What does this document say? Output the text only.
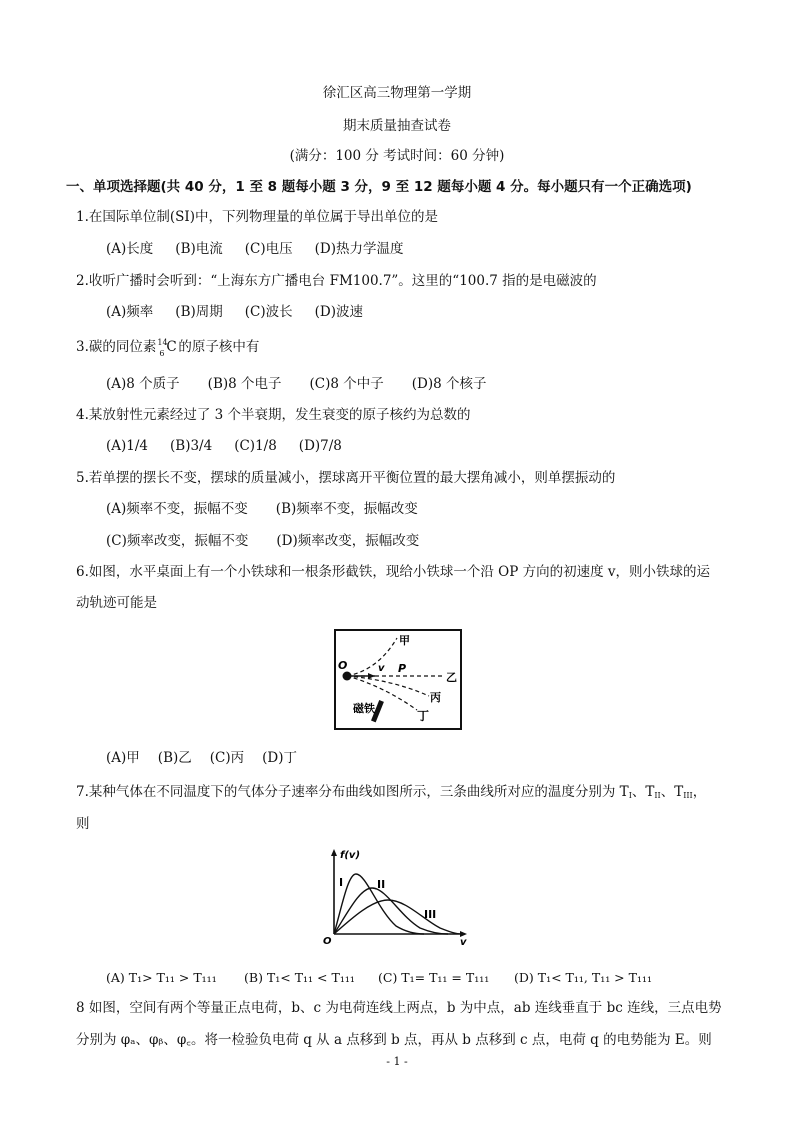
徐汇区高三物理第一学期
期末质量抽查试卷
(满分：100 分 考试时间：60 分钟)
一、单项选择题(共 40 分，1 至 8 题每小题 3 分，9 至 12 题每小题 4 分。每小题只有一个正确选项)
1.在国际单位制(SI)中，下列物理量的单位属于导出单位的是
(A)长度 (B)电流 (C)电压 (D)热力学温度
2.收听广播时会听到：“上海东方广播电台 FM100.7”。这里的“100.7 指的是电磁波的
(A)频率 (B)周期 (C)波长 (D)波速
3.碳的同位素 14
6 C 的原子核中有
(A)8 个质子 (B)8 个电子 (C)8 个中子 (D)8 个核子
4.某放射性元素经过了 3 个半衰期，发生衰变的原子核约为总数的
(A)1/4 (B)3/4 (C)1/8 (D)7/8
5.若单摆的摆长不变，摆球的质量减小，摆球离开平衡位置的最大摆角减小，则单摆振动的
(A)频率不变，振幅不变 (B)频率不变，振幅改变
(C)频率改变，振幅不变 (D)频率改变，振幅改变
6.如图，水平桌面上有一个小铁球和一根条形截铁，现给小铁球一个沿 OP 方向的初速度 v，则小铁球的运
动轨迹可能是
O	v P
甲
乙
丙
丁
磁铁
(A)甲 (B)乙 (C)丙 (D)丁
7.某种气体在不同温度下的气体分子速率分布曲线如图所示，三条曲线所对应的温度分别为 $T_I$、$T_{II}$、$T_{III}$，
则
f(v)
v
O
I	II
III
(A) T₁> T₁₁ > T₁₁₁ (B) T₁< T₁₁ < T₁₁₁ (C) T₁= T₁₁ = T₁₁₁ (D) T₁< T₁₁, T₁₁ > T₁₁₁
8 如图，空间有两个等量正点电荷，b、c 为电荷连线上两点，b 为中点，ab 连线垂直于 bc 连线，三点电势
分别为 φₐ、φᵦ、φ꜀。将一检验负电荷 q 从 a 点移到 b 点，再从 b 点移到 c 点，电荷 q 的电势能为 E。则
- 1 -
